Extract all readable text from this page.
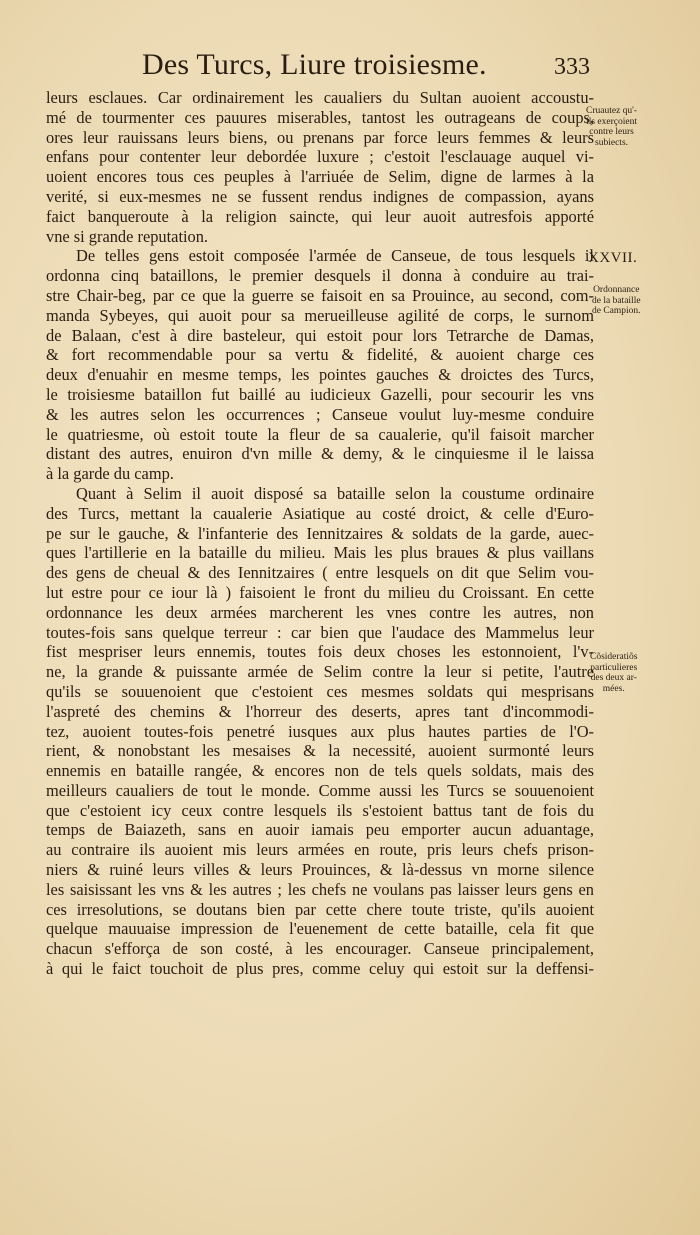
Des Turcs, Liure troisiesme.	333
leurs esclaues. Car ordinairement les caualiers du Sultan auoient accoustu-
mé de tourmenter ces pauures miserables, tantost les outrageans de coups,
ores leur rauissans leurs biens, ou prenans par force leurs femmes & leurs
enfans pour contenter leur debordée luxure ; c'estoit l'esclauage auquel vi-
uoient encores tous ces peuples à l'arriuée de Selim, digne de larmes à la
verité, si eux-mesmes ne se fussent rendus indignes de compassion, ayans
faict banqueroute à la religion saincte, qui leur auoit autresfois apporté
vne si grande reputation.
De telles gens estoit composée l'armée de Canseue, de tous lesquels il
ordonna cinq bataillons, le premier desquels il donna à conduire au trai-
stre Chair-beg, par ce que la guerre se faisoit en sa Prouince, au second, com-
manda Sybeyes, qui auoit pour sa merueilleuse agilité de corps, le surnom
de Balaan, c'est à dire basteleur, qui estoit pour lors Tetrarche de Damas,
& fort recommendable pour sa vertu & fidelité, & auoient charge ces
deux d'enuahir en mesme temps, les pointes gauches & droictes des Turcs,
le troisiesme bataillon fut baillé au iudicieux Gazelli, pour secourir les vns
& les autres selon les occurrences ; Canseue voulut luy-mesme conduire
le quatriesme, où estoit toute la fleur de sa caualerie, qu'il faisoit marcher
distant des autres, enuiron d'vn mille & demy, & le cinquiesme il le laissa
à la garde du camp.
Quant à Selim il auoit disposé sa bataille selon la coustume ordinaire
des Turcs, mettant la caualerie Asiatique au costé droict, & celle d'Euro-
pe sur le gauche, & l'infanterie des Iennitzaires & soldats de la garde, auec-
ques l'artillerie en la bataille du milieu. Mais les plus braues & plus vaillans
des gens de cheual & des Iennitzaires ( entre lesquels on dit que Selim vou-
lut estre pour ce iour là ) faisoient le front du milieu du Croissant. En cette
ordonnance les deux armées marcherent les vnes contre les autres, non
toutes-fois sans quelque terreur : car bien que l'audace des Mammelus leur
fist mespriser leurs ennemis, toutes fois deux choses les estonnoient, l'v-
ne, la grande & puissante armée de Selim contre la leur si petite, l'autre
qu'ils se souuenoient que c'estoient ces mesmes soldats qui mesprisans
l'aspreté des chemins & l'horreur des deserts, apres tant d'incommodi-
tez, auoient toutes-fois penetré iusques aux plus hautes parties de l'O-
rient, & nonobstant les mesaises & la necessité, auoient surmonté leurs
ennemis en bataille rangée, & encores non de tels quels soldats, mais des
meilleurs caualiers de tout le monde. Comme aussi les Turcs se souuenoient
que c'estoient icy ceux contre lesquels ils s'estoient battus tant de fois du
temps de Baiazeth, sans en auoir iamais peu emporter aucun aduantage,
au contraire ils auoient mis leurs armées en route, pris leurs chefs prison-
niers & ruiné leurs villes & leurs Prouinces, & là-dessus vn morne silence
les saisissant les vns & les autres ; les chefs ne voulans pas laisser leurs gens en
ces irresolutions, se doutans bien par cette chere toute triste, qu'ils auoient
quelque mauuaise impression de l'euenement de cette bataille, cela fit que
chacun s'efforça de son costé, à les encourager. Canseue principalement,
à qui le faict touchoit de plus pres, comme celuy qui estoit sur la deffensi-
Cruautez qu'-
ils exerçoient
contre leurs
subiects.
XXVII.
Ordonnance
de la bataille
de Campion.
Cõsideratiõs
particulieres
des deux ar-
mées.
